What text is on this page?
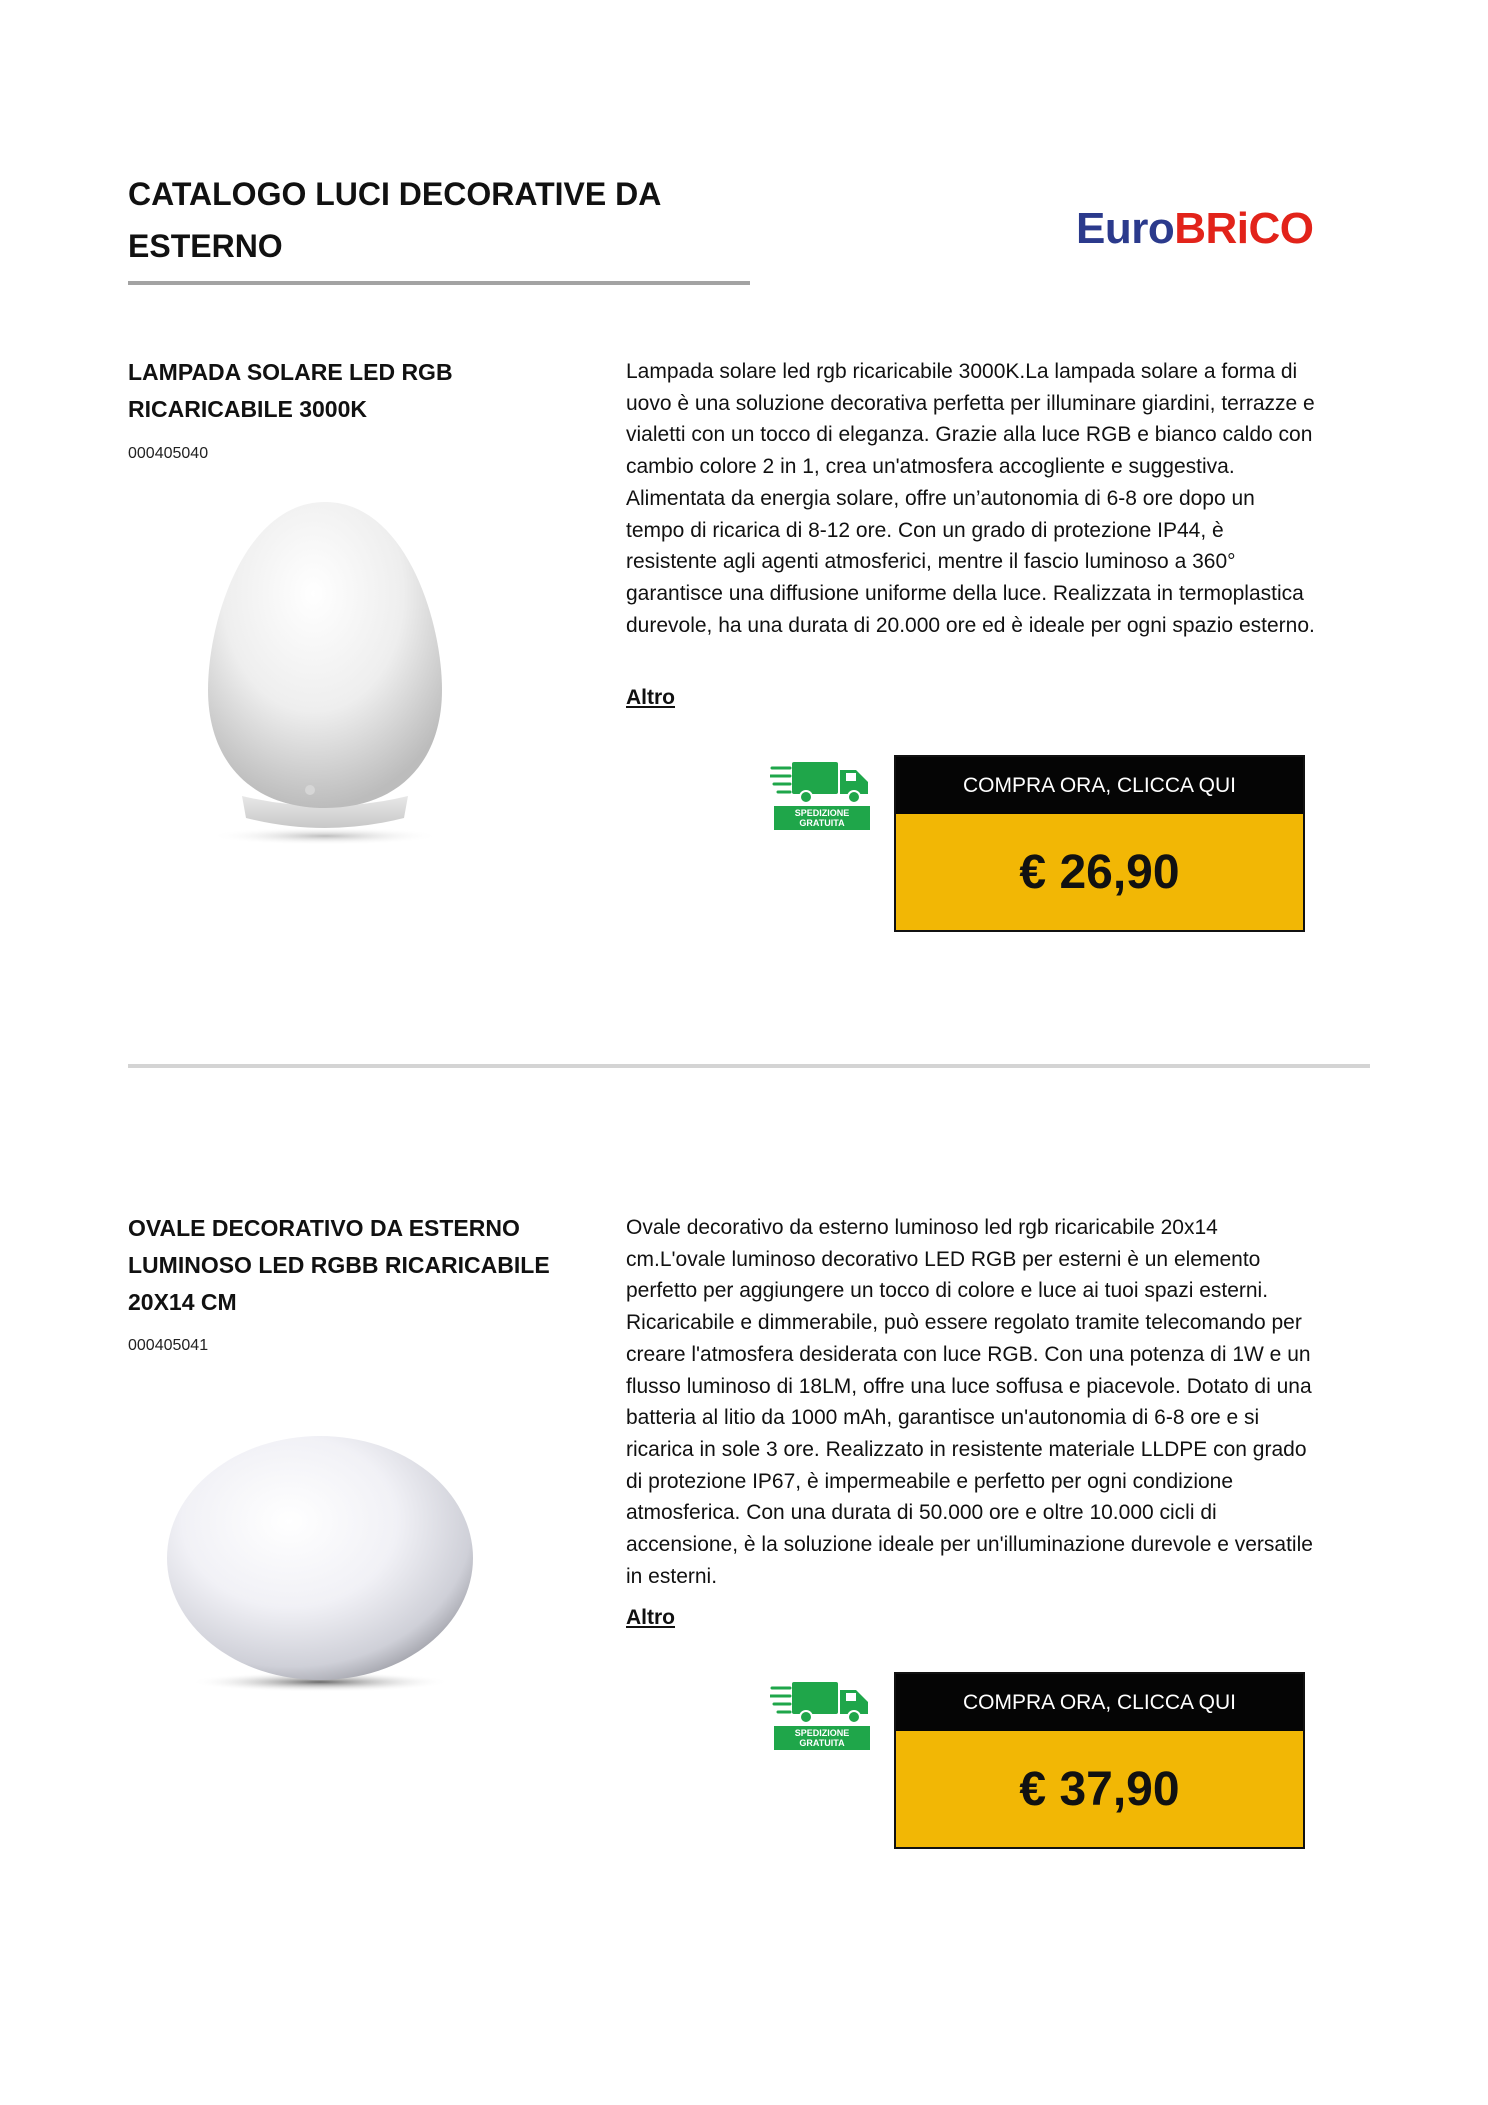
CATALOGO LUCI DECORATIVE DA
ESTERNO	EuroBRiCO
LAMPADA SOLARE LED RGB
RICARICABILE 3000K
000405040
Lampada solare led rgb ricaricabile 3000K.La lampada solare a forma di uovo è una soluzione decorativa perfetta per illuminare giardini, terrazze e vialetti con un tocco di eleganza. Grazie alla luce RGB e bianco caldo con cambio colore 2 in 1, crea un'atmosfera accogliente e suggestiva. Alimentata da energia solare, offre un’autonomia di 6-8 ore dopo un tempo di ricarica di 8-12 ore. Con un grado di protezione IP44, è resistente agli agenti atmosferici, mentre il fascio luminoso a 360° garantisce una diffusione uniforme della luce. Realizzata in termoplastica durevole, ha una durata di 20.000 ore ed è ideale per ogni spazio esterno.
Altro
SPEDIZIONE
GRATUITA
COMPRA ORA, CLICCA QUI
€ 26,90
OVALE DECORATIVO DA ESTERNO
LUMINOSO LED RGBB RICARICABILE
20X14 CM
000405041
Ovale decorativo da esterno luminoso led rgb ricaricabile 20x14 cm.L'ovale luminoso decorativo LED RGB per esterni è un elemento perfetto per aggiungere un tocco di colore e luce ai tuoi spazi esterni. Ricaricabile e dimmerabile, può essere regolato tramite telecomando per creare l'atmosfera desiderata con luce RGB. Con una potenza di 1W e un flusso luminoso di 18LM, offre una luce soffusa e piacevole. Dotato di una batteria al litio da 1000 mAh, garantisce un'autonomia di 6-8 ore e si ricarica in sole 3 ore. Realizzato in resistente materiale LLDPE con grado di protezione IP67, è impermeabile e perfetto per ogni condizione atmosferica. Con una durata di 50.000 ore e oltre 10.000 cicli di accensione, è la soluzione ideale per un'illuminazione durevole e versatile in esterni.
Altro
SPEDIZIONE
GRATUITA
COMPRA ORA, CLICCA QUI
€ 37,90
